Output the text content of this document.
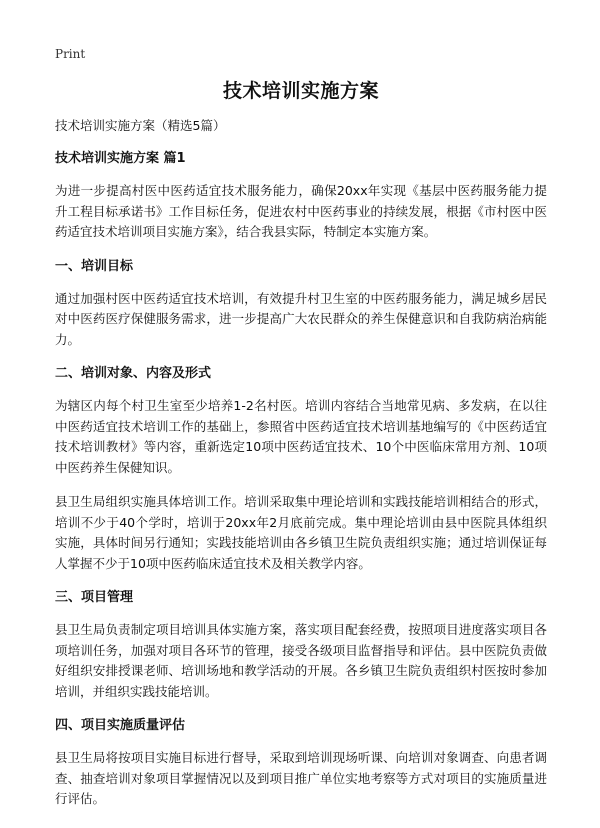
Print
技术培训实施方案
技术培训实施方案（精选5篇）
技术培训实施方案 篇1
为进一步提高村医中医药适宜技术服务能力，确保20xx年实现《基层中医药服务能力提升工程目标承诺书》工作目标任务，促进农村中医药事业的持续发展，根据《市村医中医药适宜技术培训项目实施方案》，结合我县实际，特制定本实施方案。
一、培训目标
通过加强村医中医药适宜技术培训，有效提升村卫生室的中医药服务能力，满足城乡居民对中医药医疗保健服务需求，进一步提高广大农民群众的养生保健意识和自我防病治病能力。
二、培训对象、内容及形式
为辖区内每个村卫生室至少培养1-2名村医。培训内容结合当地常见病、多发病，在以往中医药适宜技术培训工作的基础上，参照省中医药适宜技术培训基地编写的《中医药适宜技术培训教材》等内容，重新选定10项中医药适宜技术、10个中医临床常用方剂、10项中医药养生保健知识。
县卫生局组织实施具体培训工作。培训采取集中理论培训和实践技能培训相结合的形式，培训不少于40个学时，培训于20xx年2月底前完成。集中理论培训由县中医院具体组织实施，具体时间另行通知；实践技能培训由各乡镇卫生院负责组织实施；通过培训保证每人掌握不少于10项中医药临床适宜技术及相关教学内容。
三、项目管理
县卫生局负责制定项目培训具体实施方案，落实项目配套经费，按照项目进度落实项目各项培训任务，加强对项目各环节的管理，接受各级项目监督指导和评估。县中医院负责做好组织安排授课老师、培训场地和教学活动的开展。各乡镇卫生院负责组织村医按时参加培训，并组织实践技能培训。
四、项目实施质量评估
县卫生局将按项目实施目标进行督导，采取到培训现场听课、向培训对象调查、向患者调查、抽查培训对象项目掌握情况以及到项目推广单位实地考察等方式对项目的实施质量进行评估。
